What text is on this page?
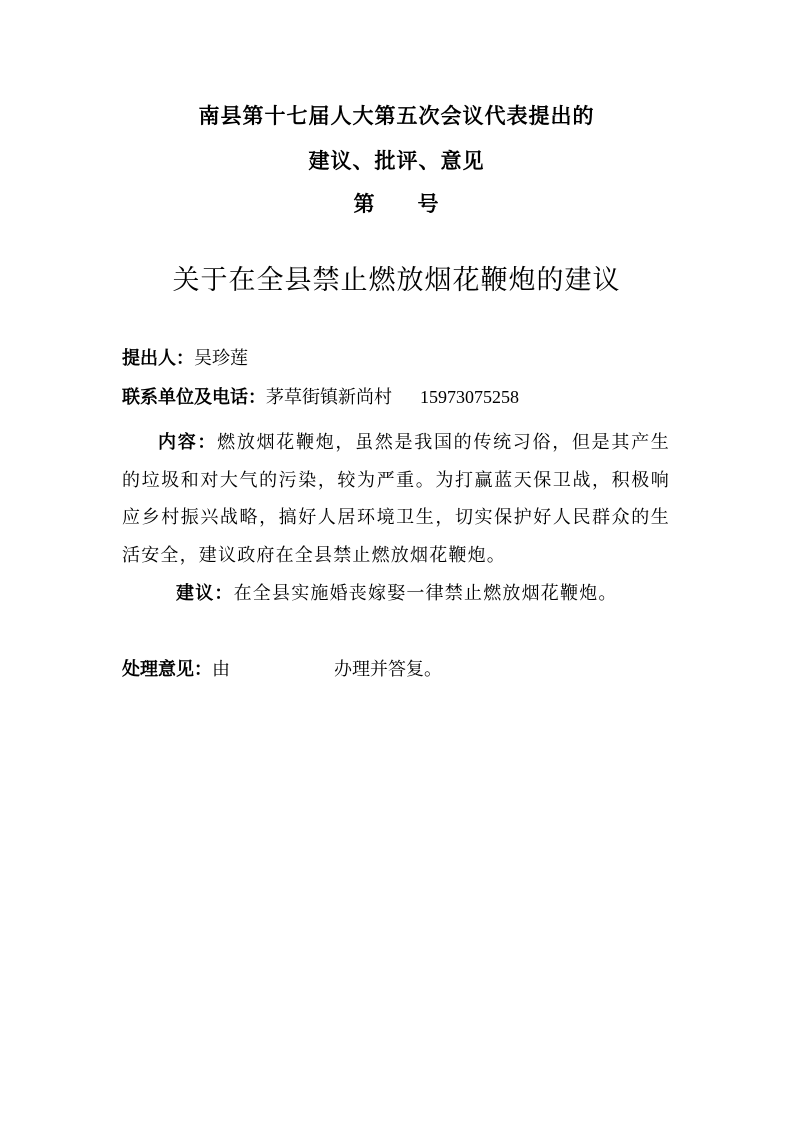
南县第十七届人大第五次会议代表提出的
建议、批评、意见
第 号
关于在全县禁止燃放烟花鞭炮的建议
提出人：吴珍莲
联系单位及电话：茅草街镇新尚村 15973075258
内容：燃放烟花鞭炮，虽然是我国的传统习俗，但是其产生的垃圾和对大气的污染，较为严重。为打赢蓝天保卫战，积极响应乡村振兴战略，搞好人居环境卫生，切实保护好人民群众的生活安全，建议政府在全县禁止燃放烟花鞭炮。
建议：在全县实施婚丧嫁娶一律禁止燃放烟花鞭炮。
处理意见：由	办理并答复。
